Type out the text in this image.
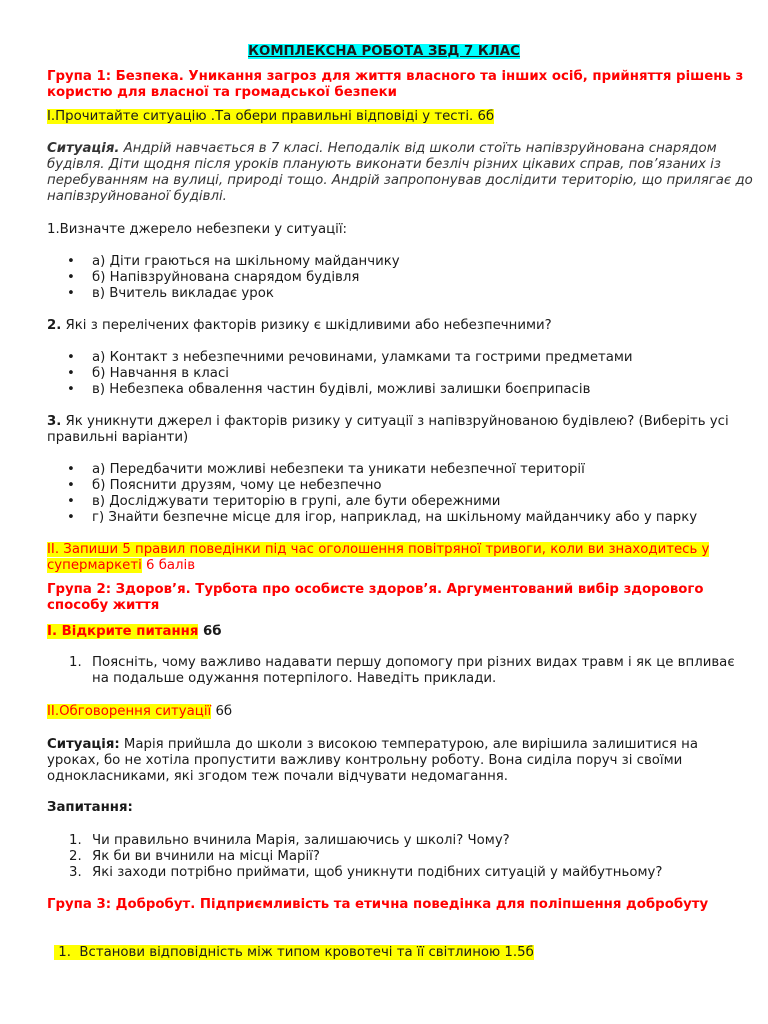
КОМПЛЕКСНА РОБОТА ЗБД 7 КЛАС

Група 1: Безпека. Уникання загроз для життя власного та інших осіб, прийняття рішень з користю для власної та громадської безпеки

І.Прочитайте ситуацію .Та обери правильні відповіді у тесті. 6б

Ситуація. Андрій навчається в 7 класі. Неподалік від школи стоїть напівзруйнована снарядом будівля. Діти щодня після уроків планують виконати безліч різних цікавих справ, пов’язаних із перебуванням на вулиці, природі тощо. Андрій запропонував дослідити територію, що прилягає до напівзруйнованої будівлі.

1.Визначте джерело небезпеки у ситуації:

• а) Діти граються на шкільному майданчику
• б) Напівзруйнована снарядом будівля
• в) Вчитель викладає урок

2. Які з перелічених факторів ризику є шкідливими або небезпечними?

• а) Контакт з небезпечними речовинами, уламками та гострими предметами
• б) Навчання в класі
• в) Небезпека обвалення частин будівлі, можливі залишки боєприпасів

3. Як уникнути джерел і факторів ризику у ситуації з напівзруйнованою будівлею? (Виберіть усі правильні варіанти)

• а) Передбачити можливі небезпеки та уникати небезпечної території
• б) Пояснити друзям, чому це небезпечно
• в) Досліджувати територію в групі, але бути обережними
• г) Знайти безпечне місце для ігор, наприклад, на шкільному майданчику або у парку

ІІ. Запиши 5 правил поведінки під час оголошення повітряної тривоги, коли ви знаходитесь у супермаркеті 6 балів

Група 2: Здоров’я. Турбота про особисте здоров’я. Аргументований вибір здорового способу життя

І. Відкрите питання 6б

1. Поясніть, чому важливо надавати першу допомогу при різних видах травм і як це впливає на подальше одужання потерпілого. Наведіть приклади.

ІІ.Обговорення ситуації 6б

Ситуація: Марія прийшла до школи з високою температурою, але вирішила залишитися на уроках, бо не хотіла пропустити важливу контрольну роботу. Вона сиділа поруч зі своїми однокласниками, які згодом теж почали відчувати недомагання.

Запитання:

1. Чи правильно вчинила Марія, залишаючись у школі? Чому?
2. Як би ви вчинили на місці Марії?
3. Які заходи потрібно приймати, щоб уникнути подібних ситуацій у майбутньому?

Група 3: Добробут. Підприємливість та етична поведінка для поліпшення добробуту

1. Встанови відповідність між типом кровотечі та її світлиною 1.5б
